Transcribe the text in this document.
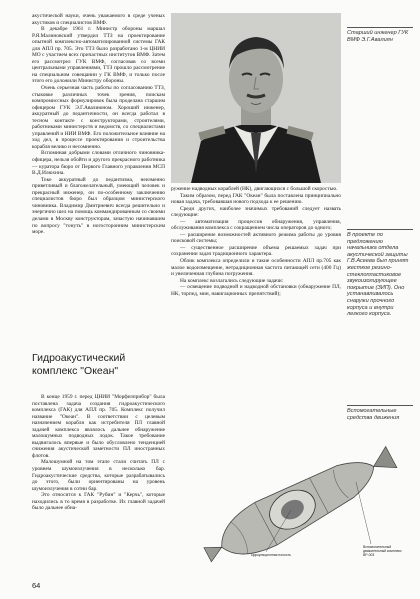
акустической науки, очень уважаемого в среде ученых акустиков и специалистов ВМФ.

В декабре 1961 г. Министр обороны маршал Р.Я.Малиновский утвердил ТТЗ на проектирование опытной комплексно-автоматизированной системы ГАК для АПЛ пр. 705. Это ТТЗ было разработано 1-м ЦНИИ МО с участием всех причастных институтов ВМФ. Затем его рассмотрел ГУК ВМФ, согласовав со всеми центральными управлениями, ТТЗ прошло рассмотрение на специальном совещании у ГК ВМФ, и только после этого его доложили Министру обороны.

Очень серьезная часть работы по согласованию ТТЗ, стыковке различных точек зрения, поискам компромиссных формулировок была проделана старшим офицером ГУК Э.Г.Авалиюном. Хороший инженер, аккуратный до педантичности, он всегда работал в тесном контакте с конструкторами, строителями, работниками министерств и ведомств, со специалистами управлений и НИИ ВМФ. Его положительное влияние на ход дел, в процессе проектирования и строительства корабля велико и несомненно.

Вспоминая добрыми словами отличного чиновника-офицера, нельзя обойти и другого прекрасного работника — куратора бюро от Первого Главного управления МСП В.Д.Илюхина.

Токе аккуратный до педантизма, неизменно приветливый и благожелательный, умеющий человек и прекрасный инженер, он по-особенному заключению специалистов бюро был образцом министерского чиновника. Владимир Дмитриевич всегда решительно и энергично шел на помощь коммандированным со своими делами в Москву конструкторам, зачастую начинавшим по вопросу "тонуть" в ногосторонним министерским море.

Гидроакустический комплекс "Океан"

В конце 1959 г. перед ЦНИИ "Морфизприбор" была поставлена задача создания гидроакустического комплекса (ГАК) для АПЛ пр. 705. Комплекс получил название "Океан". В соответствии с целевым назначением корабля как истребителя ПЛ главной задачей комплекса являлось дальнее обнаружение малошумных подводных лодок. Такое требование выдвигалось впервые и было обусловлено тенденцией снижения акустической заметности ПЛ иностранных флотов.

Малошумной на том этапе стали считать ПЛ с уровнем шумоизлучения в несколько бар. Гидроакустические средства, которые разрабатывались до этого, были ориентированы на уровень шумоизлучения в сотни бар.

Это относится к ГАК "Рубин" и "Керчь", которые находились в то время в разработке. Их главной задачей было дальнее обна-

ружение надводных кораблей (НК), двигающихся с большой скоростью.

Таким образом, перед ГАК "Океан" была поставлена принципиально новая задача, требовавшая нового подхода к ее решению.

Среди других, наиболее значимых требований следует назвать следующие:

— автоматизация процессов обнаружения, управления, обслуживания комплекса с сокращением числа операторов до одного;

— расширение возможностей активного режима работы до уровня поисковой системы;

— существенное расширение объема решаемых задач при сохранении задач традиционного характера.

Облик комплекса определили и такие особенности АПЛ пр.705 как малое водоизмещение, нетрадиционная частота питающей сети (400 Гц) и увеличенная глубина погружения.

На комплекс возлагались следующие задачи:

— освещение подводной и надводной обстановки (обнаружение ПЛ, НК, торпед, мин, навигационных препятствий);

Старший инженер ГУК ВМФ Э.Г.Авалиян
В проекте по предложению начальника отдела акустической защиты Г.В.Асеева был принят жесткое резино-стеклопластиковое звукоизолирующее покрытие (ЗИП). Оно устанавливалось снаружи прочного корпуса и внутри легкого корпуса.
Вспомогательные средства движения
Циркуляционная полость
Вспомогательный движительный комплекс ВР-003
64
